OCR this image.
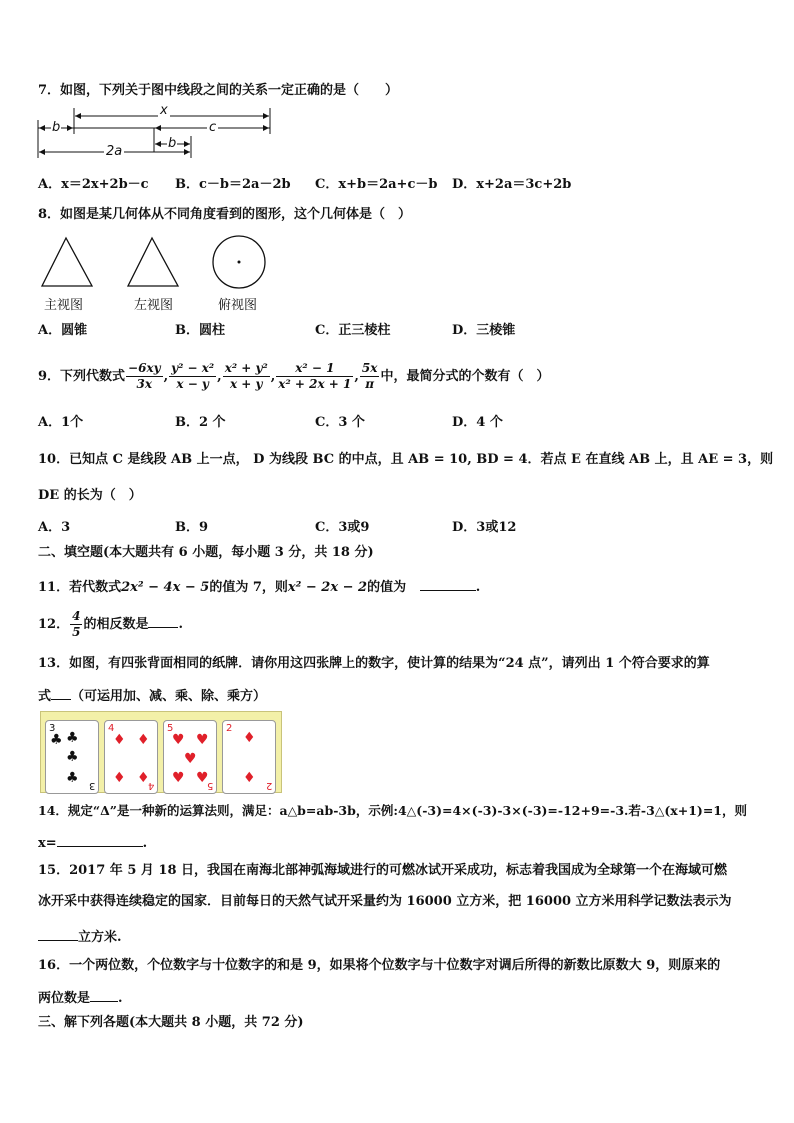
7．如图，下列关于图中线段之间的关系一定正确的是（　　）
x
b	c
b
2a
A．x＝2x+2b－c B．c－b＝2a－2b C．x+b＝2a+c－b D．x+2a＝3c+2b
8．如图是某几何体从不同角度看到的图形，这个几何体是（　）
主视图	左视图	俯视图
A．圆锥	B．圆柱	C．正三棱柱	D．三棱锥
9．下列代数式 $\frac{-6xy}{3x}$ , $\frac{\text{y² − x²}}{x - y}$ , $\frac{\text{x² + y²}}{x + y}$ , $\frac{\text{x² − 1}}{\text{x² + 2x + 1}}$ , $\frac{5x}{\pi}$ 中，最简分式的个数有（　）
A．1个	B．2 个	C．3 个	D．4 个
10．已知点 C 是线段 AB 上一点， D 为线段 BC 的中点，且 AB = 10, BD = 4．若点 E 在直线 AB 上，且 AE = 3，则
DE 的长为（　）
A．3	B．9	C．3或9	D．3或12
二、填空题(本大题共有 6 小题，每小题 3 分，共 18 分)
11．若代数式2x² − 4x − 5的值为 7，则x² − 2x − 2的值为	.
12． $\frac{4}{5}$ 的相反数是 .
13．如图，有四张背面相同的纸牌．请你用这四张牌上的数字，使计算的结果为“24 点”，请列出 1 个符合要求的算
式 （可运用加、减、乘、除、乘方）
3
♣ ♣
♣
♣ 3
4
♦ ♦
♦ ♦
4
5
♥ ♥
♥
♥ ♥
5
2
♦
♦ 2
14．规定“Δ”是一种新的运算法则，满足：a△b=ab-3b，示例:4△(-3)=4×(-3)-3×(-3)=-12+9=-3.若-3△(x+1)=1，则
x=	.
15．2017 年 5 月 18 日，我国在南海北部神弧海域进行的可燃冰试开采成功，标志着我国成为全球第一个在海域可燃
冰开采中获得连续稳定的国家．目前每日的天然气试开采量约为 16000 立方米，把 16000 立方米用科学记数法表示为
立方米.
16．一个两位数，个位数字与十位数字的和是 9，如果将个位数字与十位数字对调后所得的新数比原数大 9，则原来的
两位数是 .
三、解下列各题(本大题共 8 小题，共 72 分)
